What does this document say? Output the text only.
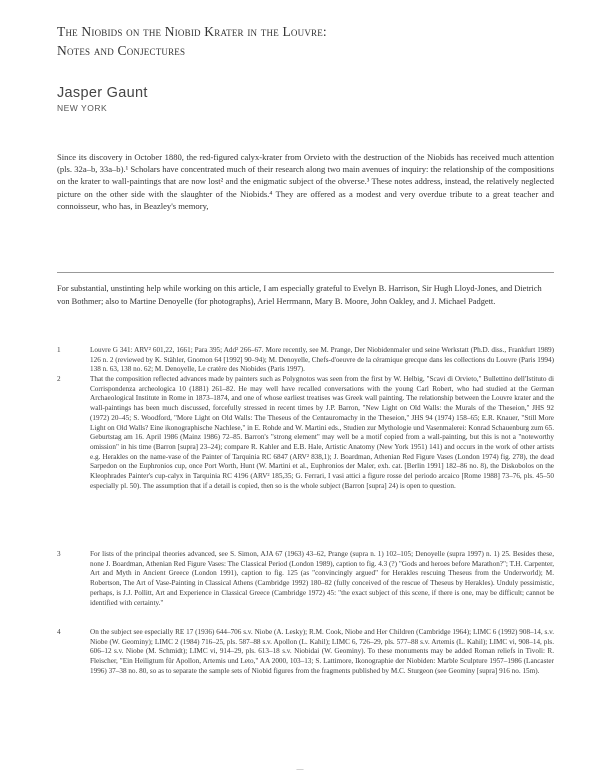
The Niobids on the Niobid Krater in the Louvre:
Notes and Conjectures
Jasper Gaunt
NEW YORK

Since its discovery in October 1880, the red-figured calyx-krater from Orvieto with the destruction of the Niobids has received much attention (pls. 32a–b, 33a–b).¹ Scholars have concentrated much of their research along two main avenues of inquiry: the relationship of the compositions on the krater to wall-paintings that are now lost² and the enigmatic subject of the obverse.³ These notes address, instead, the relatively neglected picture on the other side with the slaughter of the Niobids.⁴ They are offered as a modest and very overdue tribute to a great teacher and connoisseur, who has, in Beazley's memory,

For substantial, unstinting help while working on this article, I am especially grateful to Evelyn B. Harrison, Sir Hugh Lloyd-Jones, and Dietrich von Bothmer; also to Martine Denoyelle (for photographs), Ariel Herrmann, Mary B. Moore, John Oakley, and J. Michael Padgett.

1	Louvre G 341: ARV² 601,22, 1661; Para 395; Add² 266–67. More recently, see M. Prange, Der Niobidenmaler und seine Werkstatt (Ph.D. diss., Frankfurt 1989) 126 n. 2 (reviewed by K. Stähler, Gnomon 64 [1992] 90–94); M. Denoyelle, Chefs-d'oeuvre de la céramique grecque dans les collections du Louvre (Paris 1994) 138 n. 63, 138 no. 62; M. Denoyelle, Le cratère des Niobides (Paris 1997).

2	That the composition reflected advances made by painters such as Polygnotos was seen from the first by W. Helbig, "Scavi di Orvieto," Bullettino dell'Istituto di Corrispondenza archeologica 10 (1881) 261–82. He may well have recalled conversations with the young Carl Robert, who had studied at the German Archaeological Institute in Rome in 1873–1874, and one of whose earliest treatises was Greek wall painting. The relationship between the Louvre krater and the wall-paintings has been much discussed, forcefully stressed in recent times by J.P. Barron, "New Light on Old Walls: the Murals of the Theseion," JHS 92 (1972) 20–45; S. Woodford, "More Light on Old Walls: The Theseus of the Centauromachy in the Theseion," JHS 94 (1974) 158–65; E.R. Knauer, "Still More Light on Old Walls? Eine ikonographische Nachlese," in E. Rohde and W. Martini eds., Studien zur Mythologie und Vasenmalerei: Konrad Schauenburg zum 65. Geburtstag am 16. April 1986 (Mainz 1986) 72–85. Barron's "strong element" may well be a motif copied from a wall-painting, but this is not a "noteworthy omission" in his time (Barron [supra] 23–24); compare R. Kahler and E.B. Hale, Artistic Anatomy (New York 1951) 141) and occurs in the work of other artists e.g. Herakles on the name-vase of the Painter of Tarquinia RC 6847 (ARV² 838,1); J. Boardman, Athenian Red Figure Vases (London 1974) fig. 278), the dead Sarpedon on the Euphronios cup, once Port Worth, Hunt (W. Martini et al., Euphronios der Maler, exh. cat. [Berlin 1991] 182–86 no. 8), the Diskobolos on the Kleophrades Painter's cup-calyx in Tarquinia RC 4196 (ARV² 185,35; G. Ferrari, I vasi attici a figure rosse del periodo arcaico [Rome 1988] 73–76, pls. 45–50 especially pl. 50). The assumption that if a detail is copied, then so is the whole subject (Barron [supra] 24) is open to question.

3	For lists of the principal theories advanced, see S. Simon, AJA 67 (1963) 43–62, Prange (supra n. 1) 102–105; Denoyelle (supra 1997) n. 1) 25. Besides these, none J. Boardman, Athenian Red Figure Vases: The Classical Period (London 1989), caption to fig. 4.3 (?) "Gods and heroes before Marathon?"; T.H. Carpenter, Art and Myth in Ancient Greece (London 1991), caption to fig. 125 (as "convincingly argued" for Herakles rescuing Theseus from the Underworld); M. Robertson, The Art of Vase-Painting in Classical Athens (Cambridge 1992) 180–82 (fully conceived of the rescue of Theseus by Herakles). Unduly pessimistic, perhaps, is J.J. Pollitt, Art and Experience in Classical Greece (Cambridge 1972) 45: "the exact subject of this scene, if there is one, may be difficult; cannot be identified with certainty."

4	On the subject see especially RE 17 (1936) 644–706 s.v. Niobe (A. Lesky); R.M. Cook, Niobe and Her Children (Cambridge 1964); LIMC 6 (1992) 908–14, s.v. Niobe (W. Geominy); LIMC 2 (1984) 716–25, pls. 587–88 s.v. Apollon (L. Kahil); LIMC 6, 726–29, pls. 577–88 s.v. Artemis (L. Kahil); LIMC vi, 908–14, pls. 606–12 s.v. Niobe (M. Schmidt); LIMC vi, 914–29, pls. 613–18 s.v. Niobidai (W. Geominy). To these monuments may be added Roman reliefs in Tivoli: R. Fleischer, "Ein Heiligtum für Apollon, Artemis und Leto," AA 2000, 103–13; S. Lattimore, Ikonographie der Niobiden: Marble Sculpture 1957–1986 (Lancaster 1996) 37–38 no. 80, so as to separate the sample sets of Niobid figures from the fragments published by M.C. Sturgeon (see Geominy [supra] 916 no. 15m).

—
